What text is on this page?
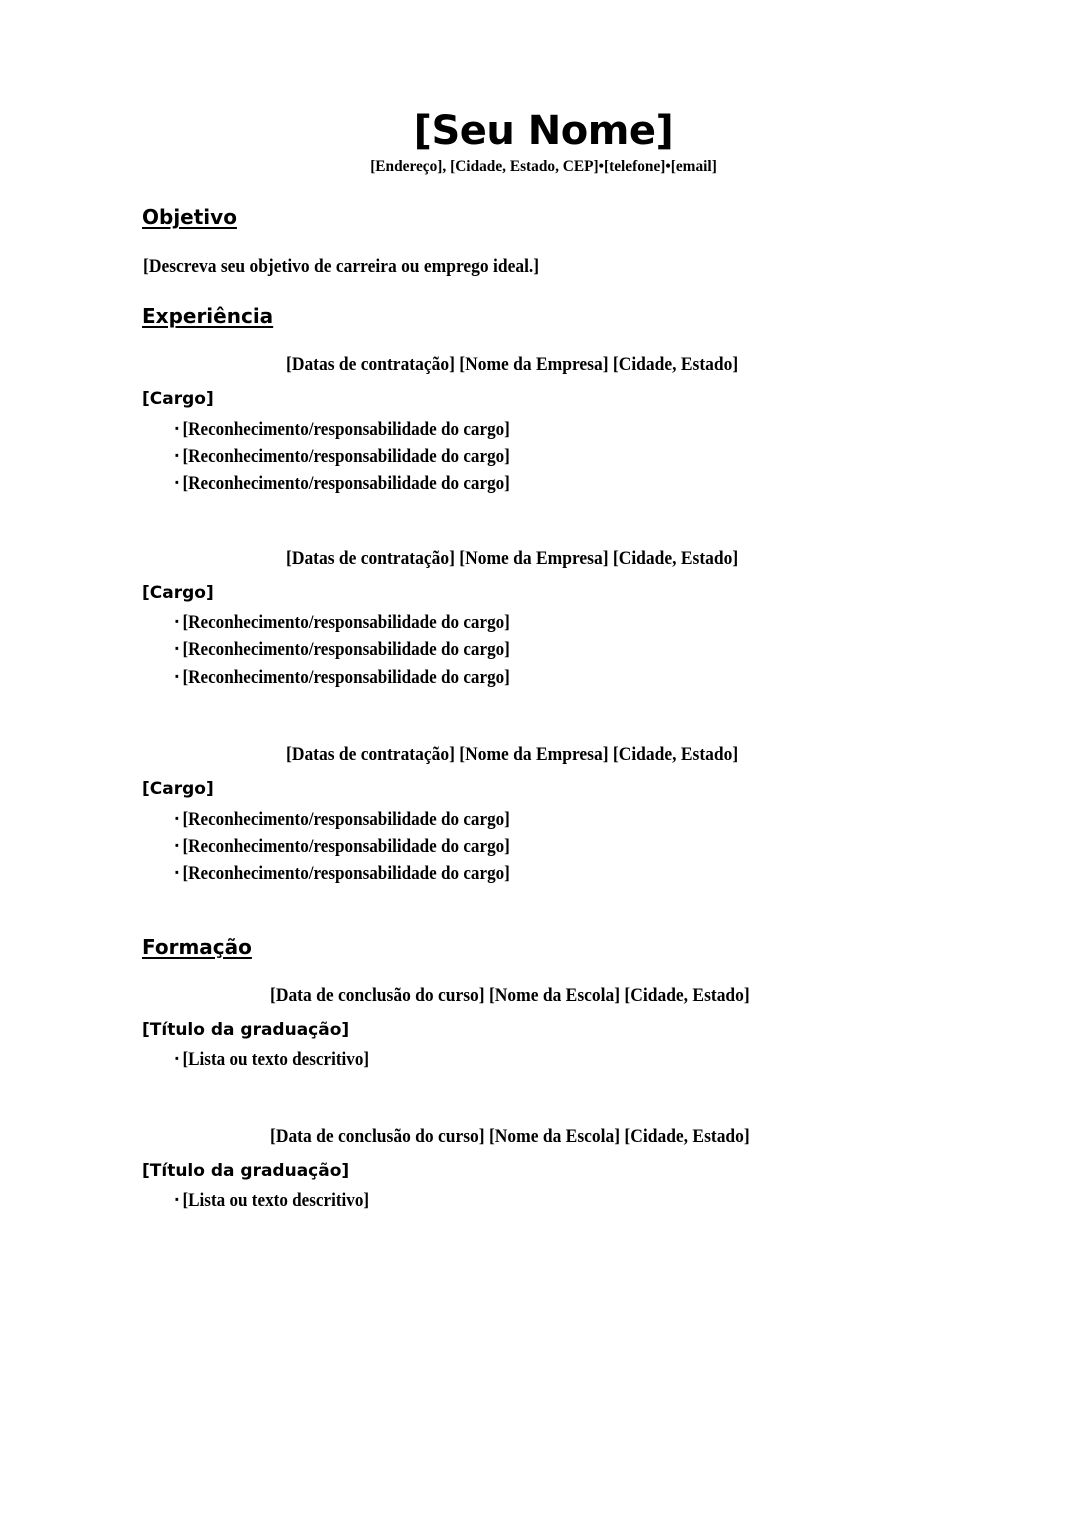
[Seu Nome]
[Endereço], [Cidade, Estado, CEP]•[telefone]•[email]
Objetivo
[Descreva seu objetivo de carreira ou emprego ideal.]
Experiência
[Datas de contratação] [Nome da Empresa] [Cidade, Estado]
[Cargo]
▪ [Reconhecimento/responsabilidade do cargo]
▪ [Reconhecimento/responsabilidade do cargo]
▪ [Reconhecimento/responsabilidade do cargo]
[Datas de contratação] [Nome da Empresa] [Cidade, Estado]
[Cargo]
▪ [Reconhecimento/responsabilidade do cargo]
▪ [Reconhecimento/responsabilidade do cargo]
▪ [Reconhecimento/responsabilidade do cargo]
[Datas de contratação] [Nome da Empresa] [Cidade, Estado]
[Cargo]
▪ [Reconhecimento/responsabilidade do cargo]
▪ [Reconhecimento/responsabilidade do cargo]
▪ [Reconhecimento/responsabilidade do cargo]
Formação
[Data de conclusão do curso] [Nome da Escola] [Cidade, Estado]
[Título da graduação]
▪ [Lista ou texto descritivo]
[Data de conclusão do curso] [Nome da Escola] [Cidade, Estado]
[Título da graduação]
▪ [Lista ou texto descritivo]
